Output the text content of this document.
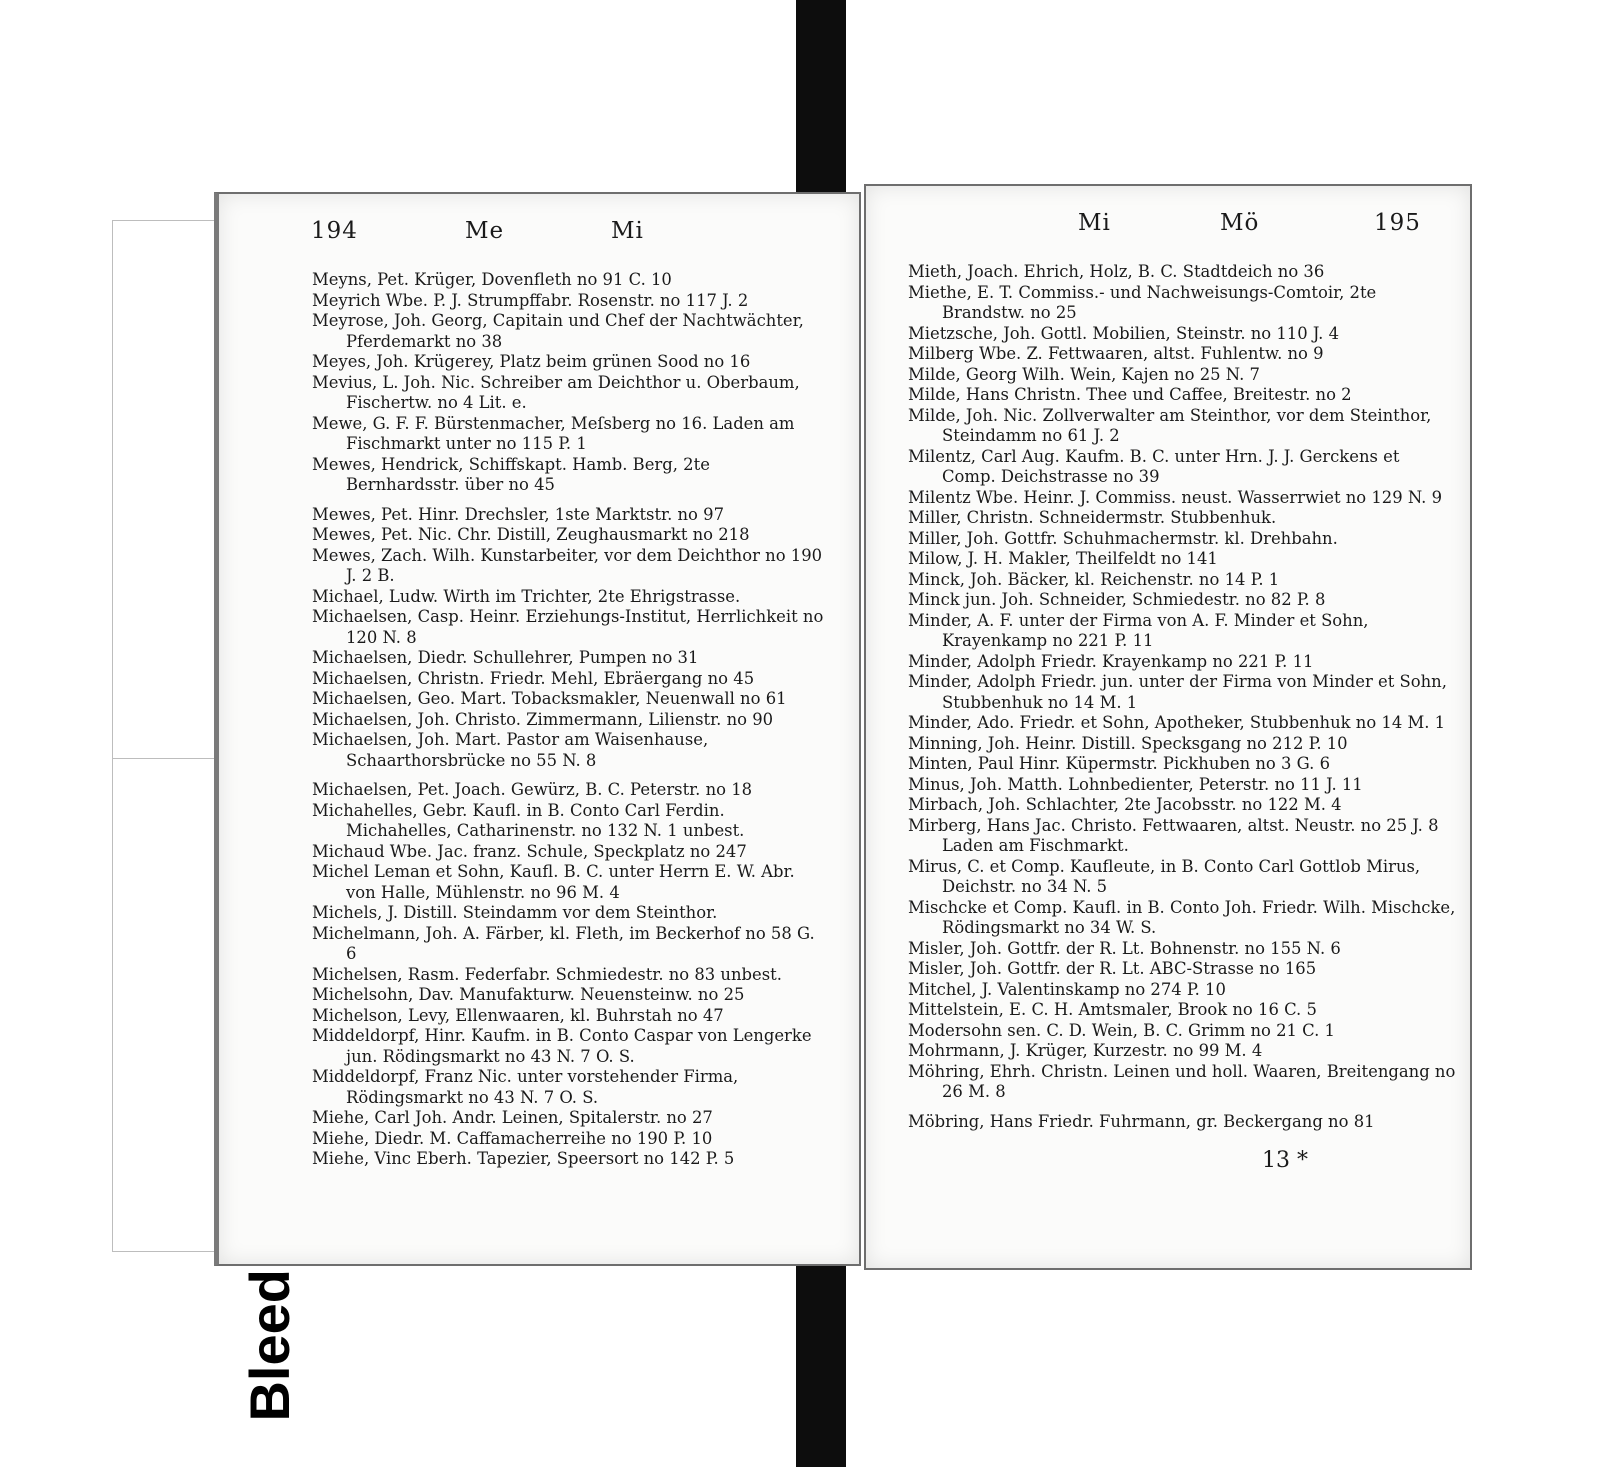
194	Me	Mi
Meyns, Pet. Krüger, Dovenfleth no 91 C. 10
Meyrich Wbe. P. J. Strumpffabr. Rosenstr. no 117 J. 2
Meyrose, Joh. Georg, Capitain und Chef der Nachtwächter, Pferdemarkt no 38
Meyes, Joh. Krügerey, Platz beim grünen Sood no 16
Mevius, L. Joh. Nic. Schreiber am Deichthor u. Oberbaum, Fischertw. no 4 Lit. e.
Mewe, G. F. F. Bürstenmacher, Meſsberg no 16. Laden am Fischmarkt unter no 115 P. 1
Mewes, Hendrick, Schiffskapt. Hamb. Berg, 2te Bernhardsstr. über no 45
Mewes, Pet. Hinr. Drechsler, 1ste Marktstr. no 97
Mewes, Pet. Nic. Chr. Distill, Zeughausmarkt no 218
Mewes, Zach. Wilh. Kunstarbeiter, vor dem Deichthor no 190 J. 2 B.
Michael, Ludw. Wirth im Trichter, 2te Ehrigstrasse.
Michaelsen, Casp. Heinr. Erziehungs-Institut, Herrlichkeit no 120 N. 8
Michaelsen, Diedr. Schullehrer, Pumpen no 31
Michaelsen, Christn. Friedr. Mehl, Ebräergang no 45
Michaelsen, Geo. Mart. Tobacksmakler, Neuenwall no 61
Michaelsen, Joh. Christo. Zimmermann, Lilienstr. no 90
Michaelsen, Joh. Mart. Pastor am Waisenhause, Schaarthorsbrücke no 55 N. 8
Michaelsen, Pet. Joach. Gewürz, B. C. Peterstr. no 18
Michahelles, Gebr. Kaufl. in B. Conto Carl Ferdin. Michahelles, Catharinenstr. no 132 N. 1 unbest.
Michaud Wbe. Jac. franz. Schule, Speckplatz no 247
Michel Leman et Sohn, Kaufl. B. C. unter Herrn E. W. Abr. von Halle, Mühlenstr. no 96 M. 4
Michels, J. Distill. Steindamm vor dem Steinthor.
Michelmann, Joh. A. Färber, kl. Fleth, im Beckerhof no 58 G. 6
Michelsen, Rasm. Federfabr. Schmiedestr. no 83 unbest.
Michelsohn, Dav. Manufakturw. Neuensteinw. no 25
Michelson, Levy, Ellenwaaren, kl. Buhrstah no 47
Middeldorpf, Hinr. Kaufm. in B. Conto Caspar von Lengerke jun. Rödingsmarkt no 43 N. 7 O. S.
Middeldorpf, Franz Nic. unter vorstehender Firma, Rödingsmarkt no 43 N. 7 O. S.
Miehe, Carl Joh. Andr. Leinen, Spitalerstr. no 27
Miehe, Diedr. M. Caffamacherreihe no 190 P. 10
Miehe, Vinc Eberh. Tapezier, Speersort no 142 P. 5
Mi	Mö	195
Mieth, Joach. Ehrich, Holz, B. C. Stadtdeich no 36
Miethe, E. T. Commiss.- und Nachweisungs-Comtoir, 2te Brandstw. no 25
Mietzsche, Joh. Gottl. Mobilien, Steinstr. no 110 J. 4
Milberg Wbe. Z. Fettwaaren, altst. Fuhlentw. no 9
Milde, Georg Wilh. Wein, Kajen no 25 N. 7
Milde, Hans Christn. Thee und Caffee, Breitestr. no 2
Milde, Joh. Nic. Zollverwalter am Steinthor, vor dem Steinthor, Steindamm no 61 J. 2
Milentz, Carl Aug. Kaufm. B. C. unter Hrn. J. J. Gerckens et Comp. Deichstrasse no 39
Milentz Wbe. Heinr. J. Commiss. neust. Wasserrwiet no 129 N. 9
Miller, Christn. Schneidermstr. Stubbenhuk.
Miller, Joh. Gottfr. Schuhmachermstr. kl. Drehbahn.
Milow, J. H. Makler, Theilfeldt no 141
Minck, Joh. Bäcker, kl. Reichenstr. no 14 P. 1
Minck jun. Joh. Schneider, Schmiedestr. no 82 P. 8
Minder, A. F. unter der Firma von A. F. Minder et Sohn, Krayenkamp no 221 P. 11
Minder, Adolph Friedr. Krayenkamp no 221 P. 11
Minder, Adolph Friedr. jun. unter der Firma von Minder et Sohn, Stubbenhuk no 14 M. 1
Minder, Ado. Friedr. et Sohn, Apotheker, Stubbenhuk no 14 M. 1
Minning, Joh. Heinr. Distill. Specksgang no 212 P. 10
Minten, Paul Hinr. Küpermstr. Pickhuben no 3 G. 6
Minus, Joh. Matth. Lohnbedienter, Peterstr. no 11 J. 11
Mirbach, Joh. Schlachter, 2te Jacobsstr. no 122 M. 4
Mirberg, Hans Jac. Christo. Fettwaaren, altst. Neustr. no 25 J. 8 Laden am Fischmarkt.
Mirus, C. et Comp. Kaufleute, in B. Conto Carl Gottlob Mirus, Deichstr. no 34 N. 5
Mischcke et Comp. Kaufl. in B. Conto Joh. Friedr. Wilh. Mischcke, Rödingsmarkt no 34 W. S.
Misler, Joh. Gottfr. der R. Lt. Bohnenstr. no 155 N. 6
Misler, Joh. Gottfr. der R. Lt. ABC-Strasse no 165
Mitchel, J. Valentinskamp no 274 P. 10
Mittelstein, E. C. H. Amtsmaler, Brook no 16 C. 5
Modersohn sen. C. D. Wein, B. C. Grimm no 21 C. 1
Mohrmann, J. Krüger, Kurzestr. no 99 M. 4
Möhring, Ehrh. Christn. Leinen und holl. Waaren, Breitengang no 26 M. 8
Möbring, Hans Friedr. Fuhrmann, gr. Beckergang no 81
13 *
